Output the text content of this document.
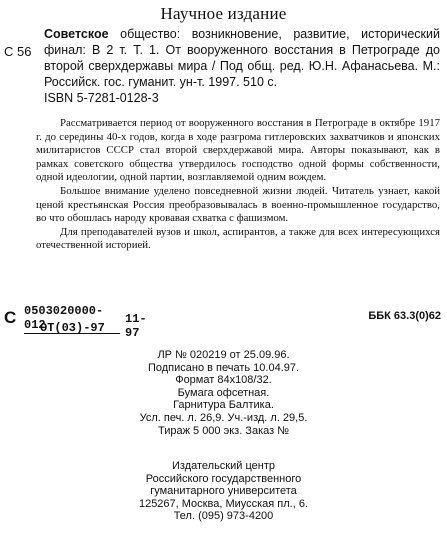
Научное издание
С 56
Советское общество: возникновение, развитие, исторический финал: В 2 т. Т. 1. От вооруженного восстания в Петрограде до второй сверхдержавы мира / Под общ. ред. Ю.Н. Афанасьева. М.: Российск. гос. гуманит. ун-т. 1997. 510 с.
ISBN 5-7281-0128-3

Рассматривается период от вооруженного восстания в Петрограде в октябре 1917 г. до середины 40-х годов, когда в ходе разгрома гитлеровских захватчиков и японских милитаристов СССР стал второй сверхдержавой мира. Авторы показывают, как в рамках советского общества утвердилось господство одной формы собственности, одной идеологии, одной партии, возглавляемой одним вождем.

Большое внимание уделено повседневной жизни людей. Читатель узнает, какой ценой крестьянская Россия преобразовывалась в военно-промышленное государство, во что обошлась народу кровавая схватка с фашизмом.

Для преподавателей вузов и школ, аспирантов, а также для всех интересующихся отечественной историей.

С 0503020000-012
ОТ(03)-97
11-97
ББК 63.3(0)62
ЛР № 020219 от 25.09.96.
Подписано в печать 10.04.97.
Формат 84x108/32.
Бумага офсетная.
Гарнитура Балтика.
Усл. печ. л. 26,9. Уч.-изд. л. 29,5.
Тираж 5 000 экз. Заказ №
Издательский центр
Российского государственного
гуманитарного университета
125267, Москва, Миусская пл., 6.
Тел. (095) 973-4200
